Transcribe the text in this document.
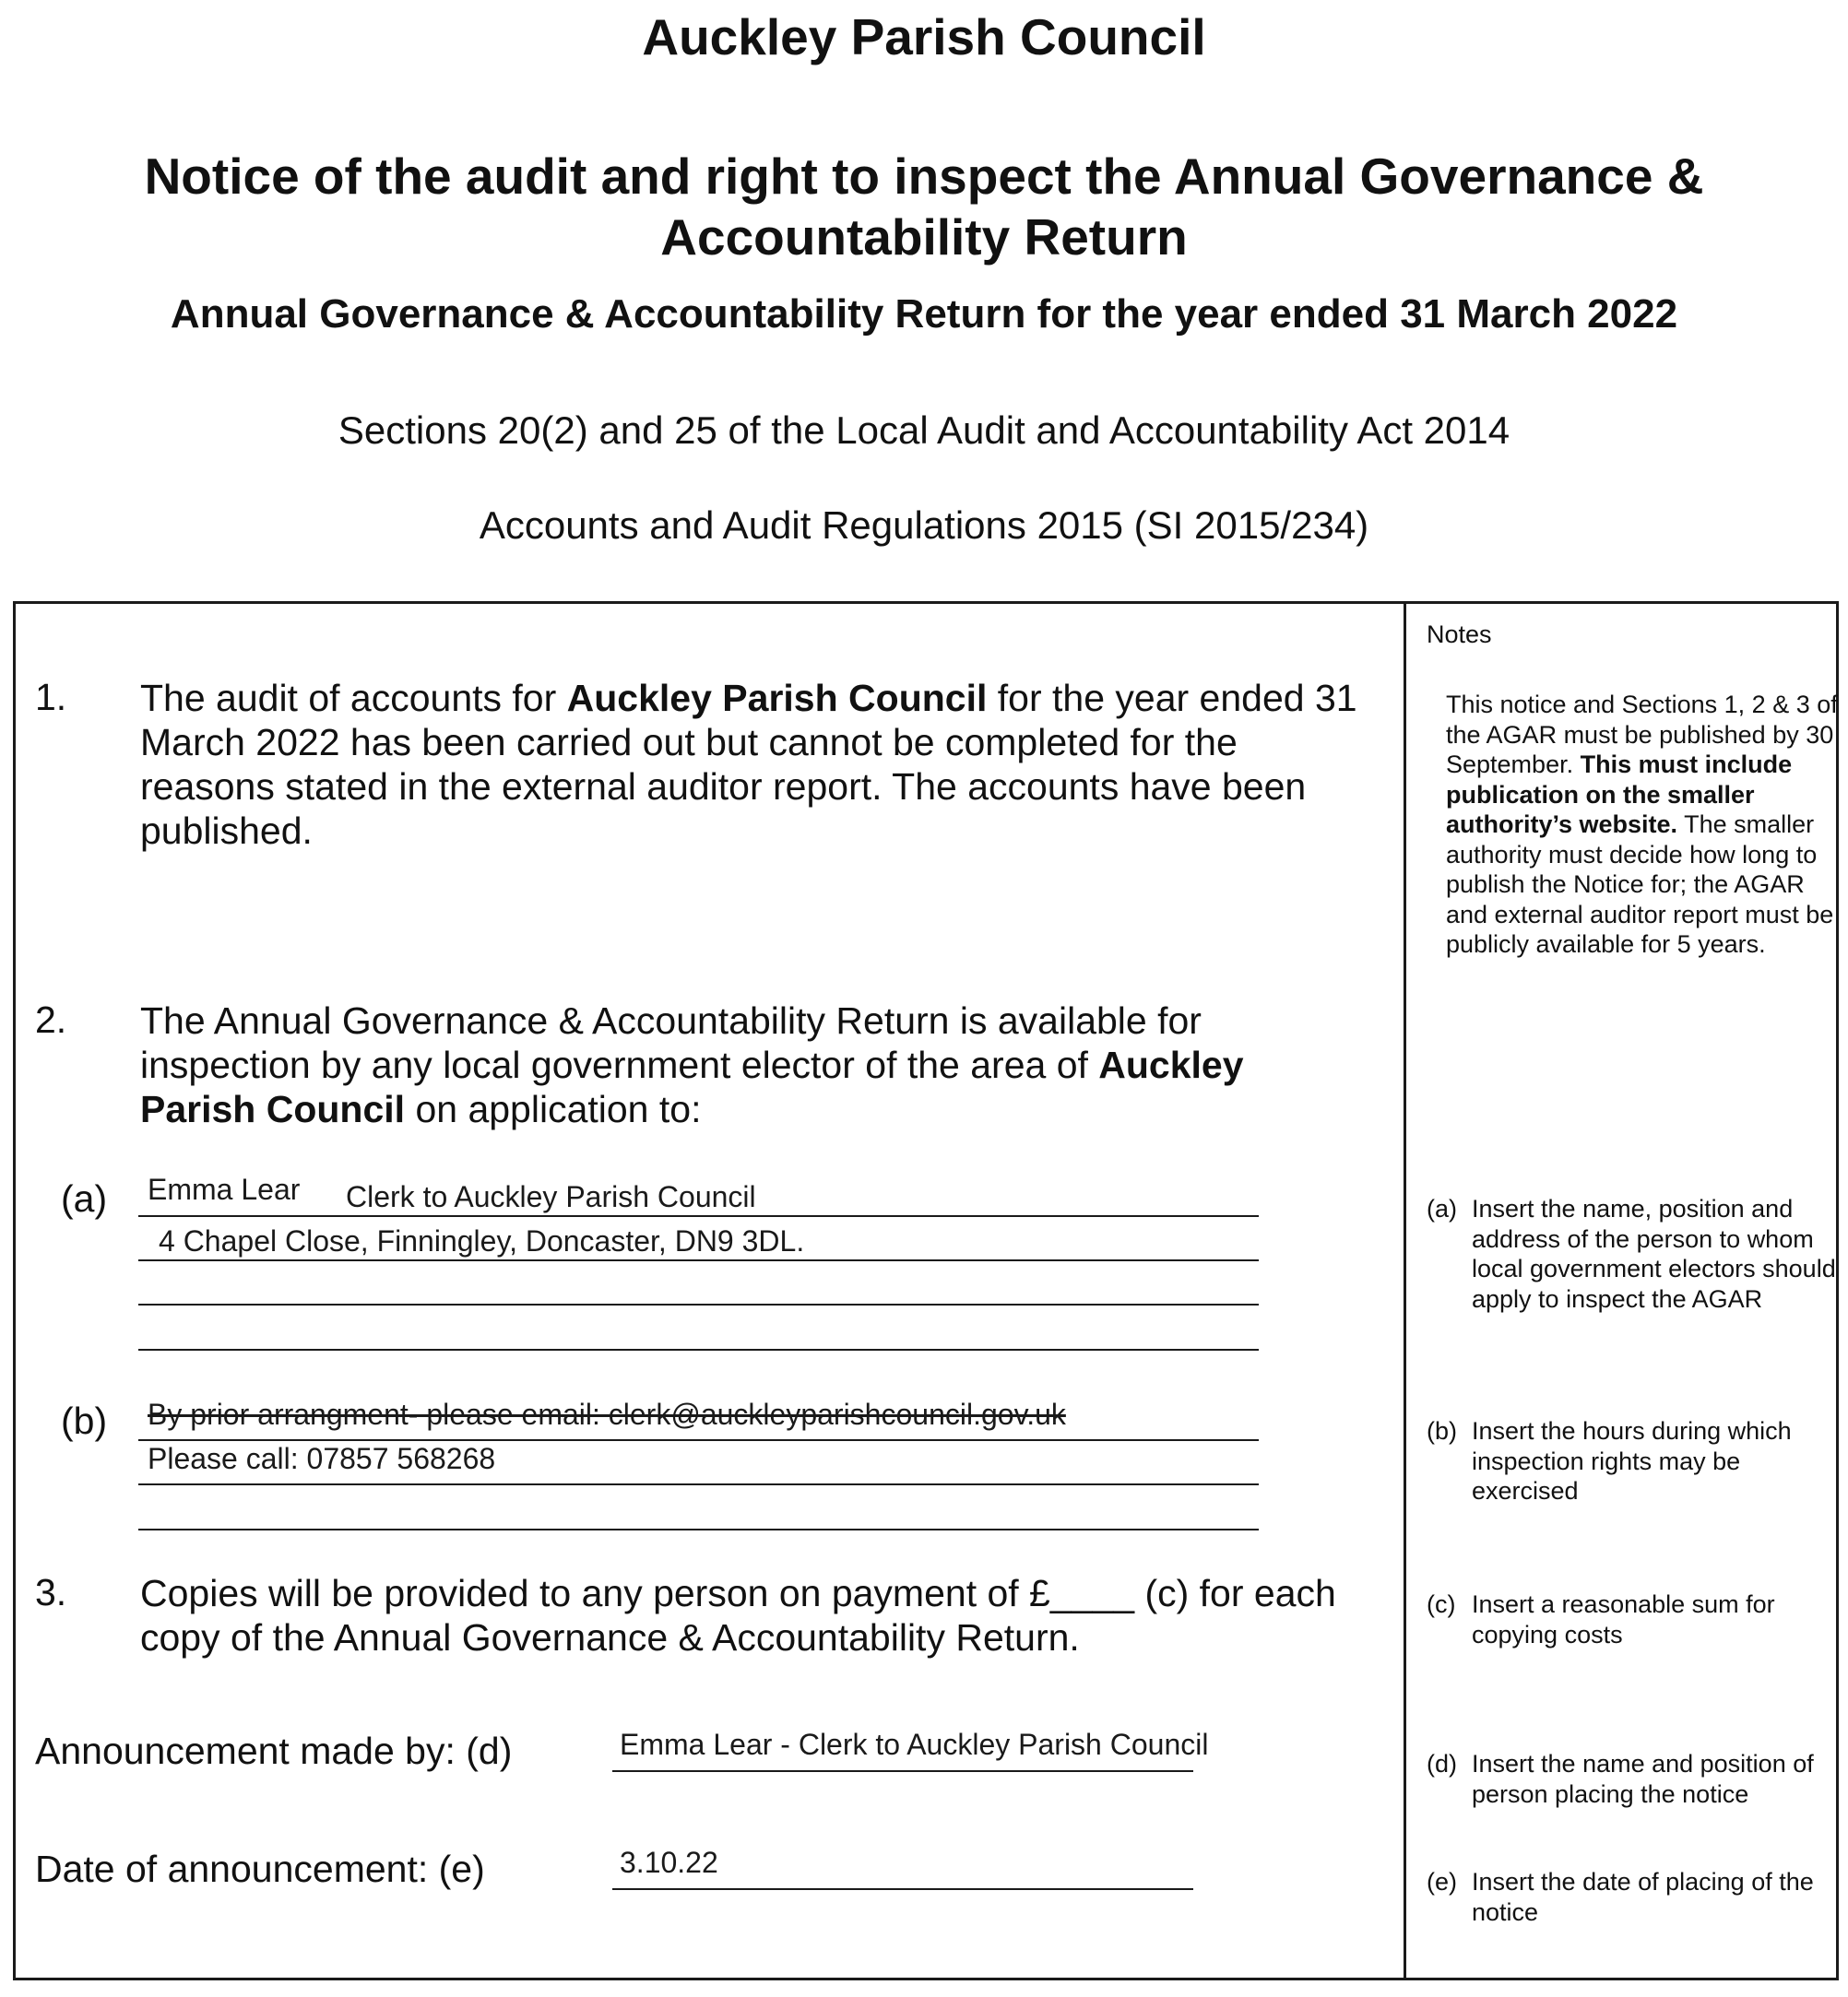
Auckley Parish Council
Notice of the audit and right to inspect the Annual Governance &
Accountability Return
Annual Governance & Accountability Return for the year ended 31 March 2022
Sections 20(2) and 25 of the Local Audit and Accountability Act 2014
Accounts and Audit Regulations 2015 (SI 2015/234)
1. The audit of accounts for Auckley Parish Council for the year ended 31 March 2022 has been carried out but cannot be completed for the reasons stated in the external auditor report. The accounts have been published.
2. The Annual Governance & Accountability Return is available for inspection by any local government elector of the area of Auckley Parish Council on application to:
(a) Emma Lear Clerk to Auckley Parish Council
4 Chapel Close, Finningley, Doncaster, DN9 3DL.
(b) By prior arrangment- please email: clerk@auckleyparishcouncil.gov.uk
Please call: 07857 568268
3. Copies will be provided to any person on payment of £____ (c) for each copy of the Annual Governance & Accountability Return.
Announcement made by: (d)	Emma Lear - Clerk to Auckley Parish Council
Date of announcement: (e)	3.10.22
Notes
This notice and Sections 1, 2 & 3 of the AGAR must be published by 30 September. This must include publication on the smaller authority’s website. The smaller authority must decide how long to publish the Notice for; the AGAR and external auditor report must be publicly available for 5 years.
(a) Insert the name, position and address of the person to whom local government electors should apply to inspect the AGAR
(b) Insert the hours during which inspection rights may be exercised
(c) Insert a reasonable sum for copying costs
(d) Insert the name and position of person placing the notice
(e) Insert the date of placing of the notice
